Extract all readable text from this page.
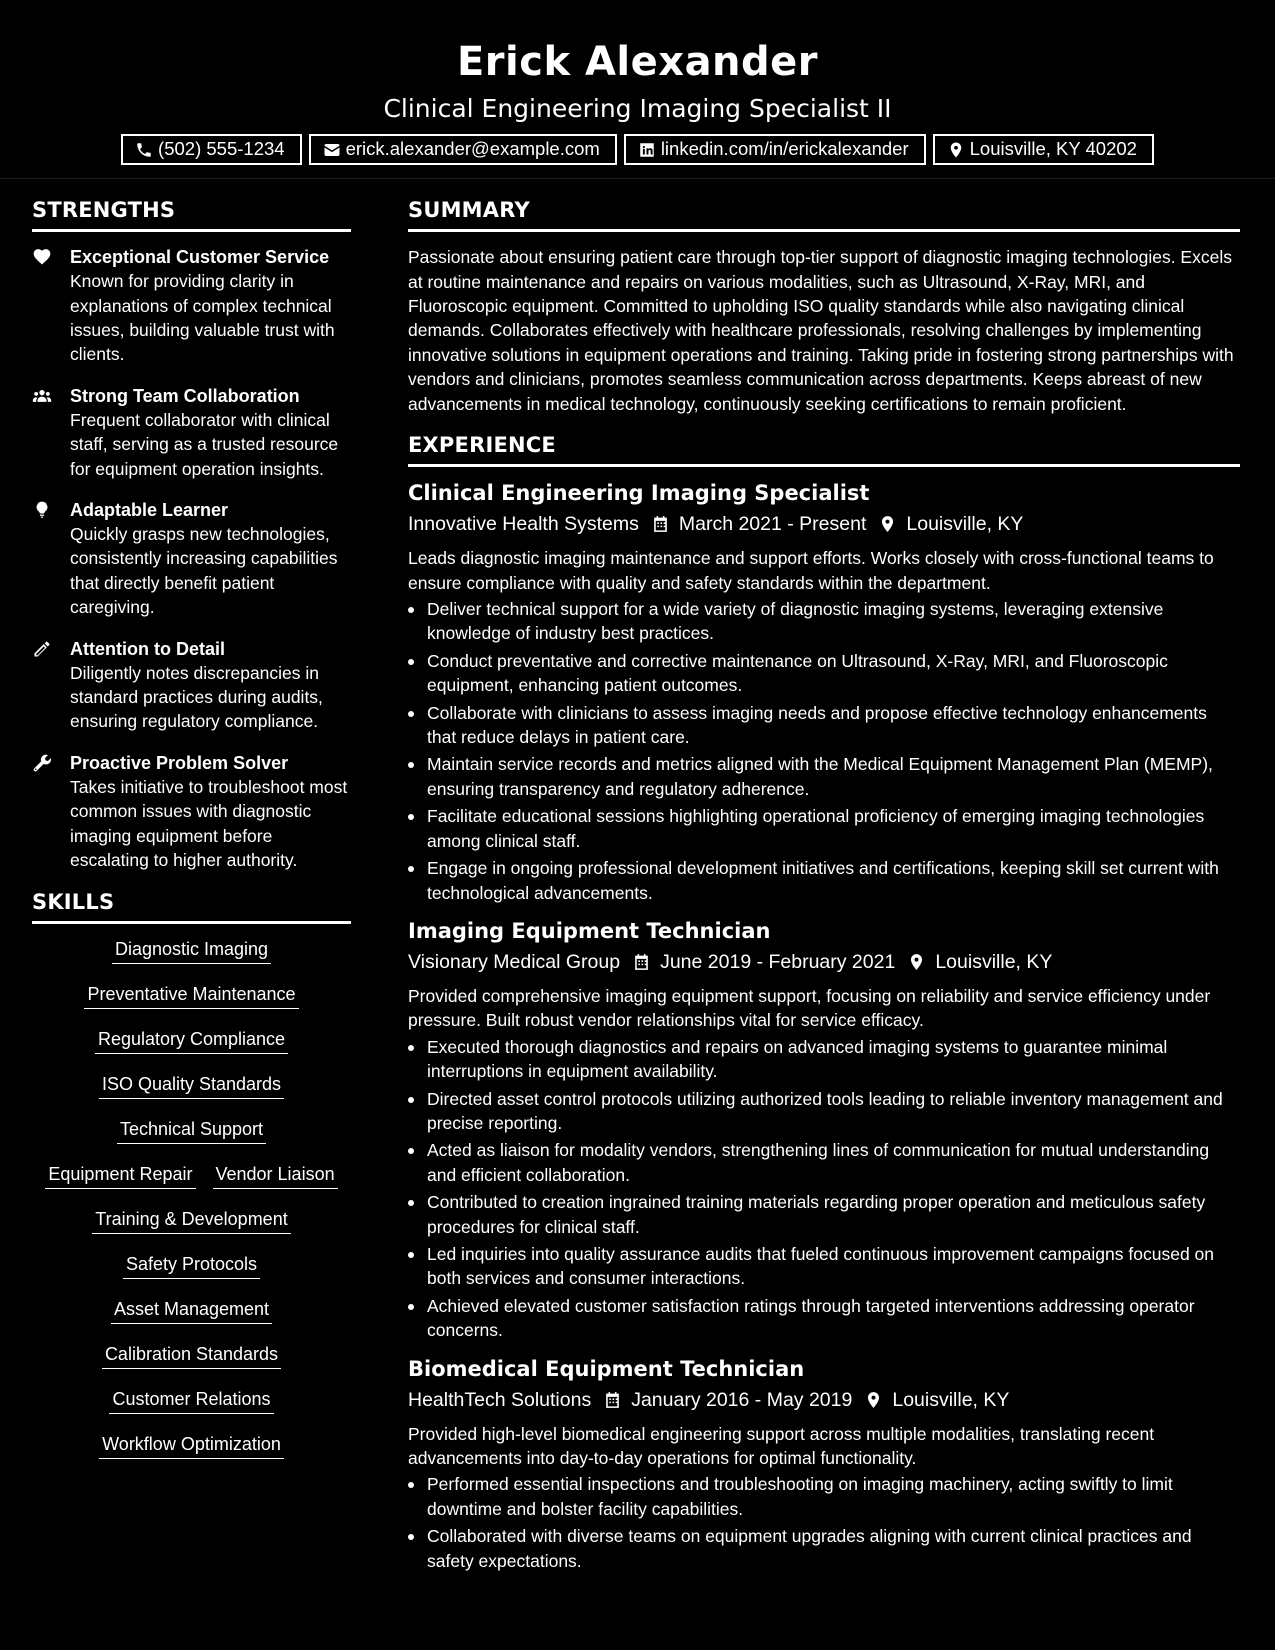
Erick Alexander
Clinical Engineering Imaging Specialist II
(502) 555-1234	erick.alexander@example.com	linkedin.com/in/erickalexander	Louisville, KY 40202
STRENGTHS
Exceptional Customer Service
Known for providing clarity in explanations of complex technical issues, building valuable trust with clients.
Strong Team Collaboration
Frequent collaborator with clinical staff, serving as a trusted resource for equipment operation insights.
Adaptable Learner
Quickly grasps new technologies, consistently increasing capabilities that directly benefit patient caregiving.
Attention to Detail
Diligently notes discrepancies in standard practices during audits, ensuring regulatory compliance.
Proactive Problem Solver
Takes initiative to troubleshoot most common issues with diagnostic imaging equipment before escalating to higher authority.
SKILLS
Diagnostic Imaging
Preventative Maintenance
Regulatory Compliance
ISO Quality Standards
Technical Support
Equipment Repair Vendor Liaison
Training & Development
Safety Protocols
Asset Management
Calibration Standards
Customer Relations
Workflow Optimization
SUMMARY
Passionate about ensuring patient care through top-tier support of diagnostic imaging technologies. Excels at routine maintenance and repairs on various modalities, such as Ultrasound, X-Ray, MRI, and Fluoroscopic equipment. Committed to upholding ISO quality standards while also navigating clinical demands. Collaborates effectively with healthcare professionals, resolving challenges by implementing innovative solutions in equipment operations and training. Taking pride in fostering strong partnerships with vendors and clinicians, promotes seamless communication across departments. Keeps abreast of new advancements in medical technology, continuously seeking certifications to remain proficient.
EXPERIENCE
Clinical Engineering Imaging Specialist
Innovative Health Systems March 2021 - Present Louisville, KY
Leads diagnostic imaging maintenance and support efforts. Works closely with cross-functional teams to ensure compliance with quality and safety standards within the department.
Deliver technical support for a wide variety of diagnostic imaging systems, leveraging extensive knowledge of industry best practices.
Conduct preventative and corrective maintenance on Ultrasound, X-Ray, MRI, and Fluoroscopic equipment, enhancing patient outcomes.
Collaborate with clinicians to assess imaging needs and propose effective technology enhancements that reduce delays in patient care.
Maintain service records and metrics aligned with the Medical Equipment Management Plan (MEMP), ensuring transparency and regulatory adherence.
Facilitate educational sessions highlighting operational proficiency of emerging imaging technologies among clinical staff.
Engage in ongoing professional development initiatives and certifications, keeping skill set current with technological advancements.
Imaging Equipment Technician
Visionary Medical Group June 2019 - February 2021 Louisville, KY
Provided comprehensive imaging equipment support, focusing on reliability and service efficiency under pressure. Built robust vendor relationships vital for service efficacy.
Executed thorough diagnostics and repairs on advanced imaging systems to guarantee minimal interruptions in equipment availability.
Directed asset control protocols utilizing authorized tools leading to reliable inventory management and precise reporting.
Acted as liaison for modality vendors, strengthening lines of communication for mutual understanding and efficient collaboration.
Contributed to creation ingrained training materials regarding proper operation and meticulous safety procedures for clinical staff.
Led inquiries into quality assurance audits that fueled continuous improvement campaigns focused on both services and consumer interactions.
Achieved elevated customer satisfaction ratings through targeted interventions addressing operator concerns.
Biomedical Equipment Technician
HealthTech Solutions January 2016 - May 2019 Louisville, KY
Provided high-level biomedical engineering support across multiple modalities, translating recent advancements into day-to-day operations for optimal functionality.
Performed essential inspections and troubleshooting on imaging machinery, acting swiftly to limit downtime and bolster facility capabilities.
Collaborated with diverse teams on equipment upgrades aligning with current clinical practices and safety expectations.
